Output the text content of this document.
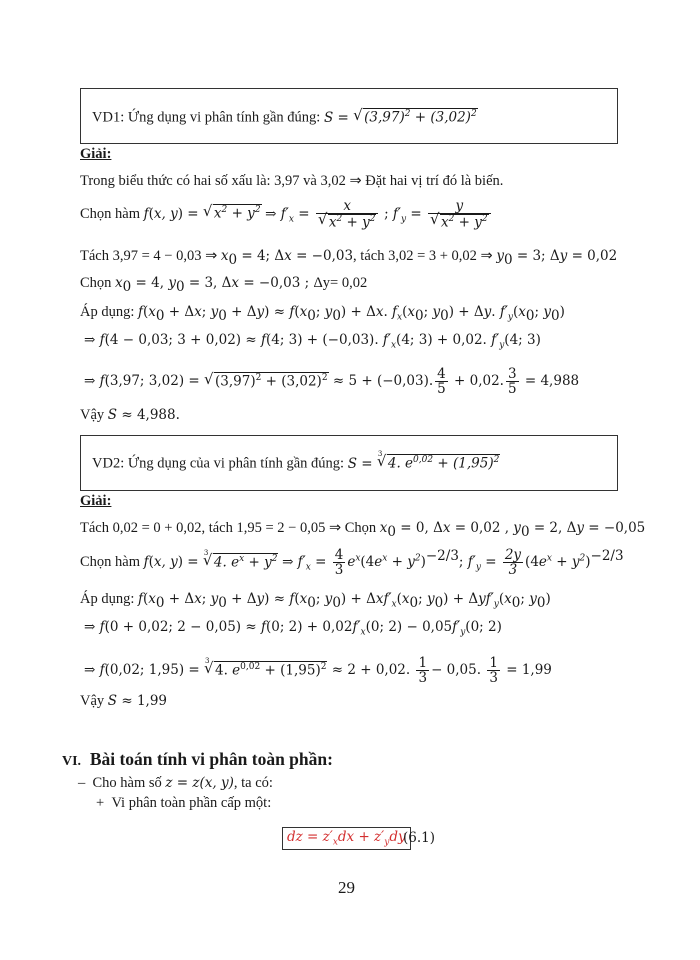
VD1: Ứng dụng vi phân tính gần đúng: S = √ $(3,97)^2 + (3,02)^2$
Giải:
Trong biểu thức có hai số xấu là: 3,97 và 3,02 ⇒ Đặt hai vị trí đó là biến.
Chọn hàm f(x, y) = √ $x^2 + y^2$ ⇒ $f'_x = x$
√ $x^2 + y^2$ ; $f'_y = y$
√ $x^2 + y^2$
Tách 3,97 = 4 − 0,03 ⇒ $x_0 = 4$; Δx = −0,03, tách 3,02 = 3 + 0,02 ⇒ $y_0 = 3$; Δy = 0,02
Chọn $x_0 = 4$, $y_0 = 3$, Δx = −0,03 ; Δy= 0,02
Áp dụng: $f(x_0 + \Delta x$; $y_0 + \Delta y) \approx f(x_0$; $y_0) + \Delta x$. $f_x(x_0$; $y_0) + \Delta y$. $f'_y(x_0$; $y_0$)
⇒ f(4 − 0,03; 3 + 0,02) ≈ f(4; 3) + (−0,03). $f'_x(4$; 3) + 0,02. $f'_y(4$; 3)
⇒ f(3,97; 3,02) = √ $(3,97)^2 + (3,02)^2 \approx 5 + (-0,03)$. $\frac{4}{5} + 0,02$. $\frac{3}{5} = 4,988$
Vậy S ≈ 4,988.
VD2: Ứng dụng của vi phân tính gần đúng: S =
√ 3
4. $e^{0,02} + (1,95)^2$
Giải:
Tách 0,02 = 0 + 0,02, tách 1,95 = 2 − 0,05 ⇒ Chọn $x_0 = 0$, Δx = 0,02 , $y_0 = 2$, Δy = −0,05
Chọn hàm f(x, y) =
√ 3
4. $e^x + y^2$ ⇒ $f'_x = \frac{4}{3} e^x(4e^x + y^2)^{-2/3}$; $f'_y = \frac{2y}{3} (4e^x + y^2)^{-2/3}$
Áp dụng: $f(x_0 + \Delta x$; $y_0 + \Delta y) \approx f(x_0$; $y_0) + \Delta xf'_x(x_0$; $y_0) + \Delta yf'_y(x_0$; $y_0$)
⇒ f(0 + 0,02; 2 − 0,05) ≈ f(0; $2) + 0,02f'_x(0$; $2) - 0,05f'_y(0$; 2)
⇒ f(0,02; 1,95) =
√ 3
4. $e^{0,02} + (1,95)^2 \approx 2 + 0,02$. $\frac{1}{3} - 0,05$. $\frac{1}{3} = 1,99$
Vậy S ≈ 1,99
VI. Bài toán tính vi phân toàn phần:
– Cho hàm số z = z(x, y), ta có:
+ Vi phân toàn phần cấp một:
dz = $z'_xdx + z'_ydy$
(6.1)
29
